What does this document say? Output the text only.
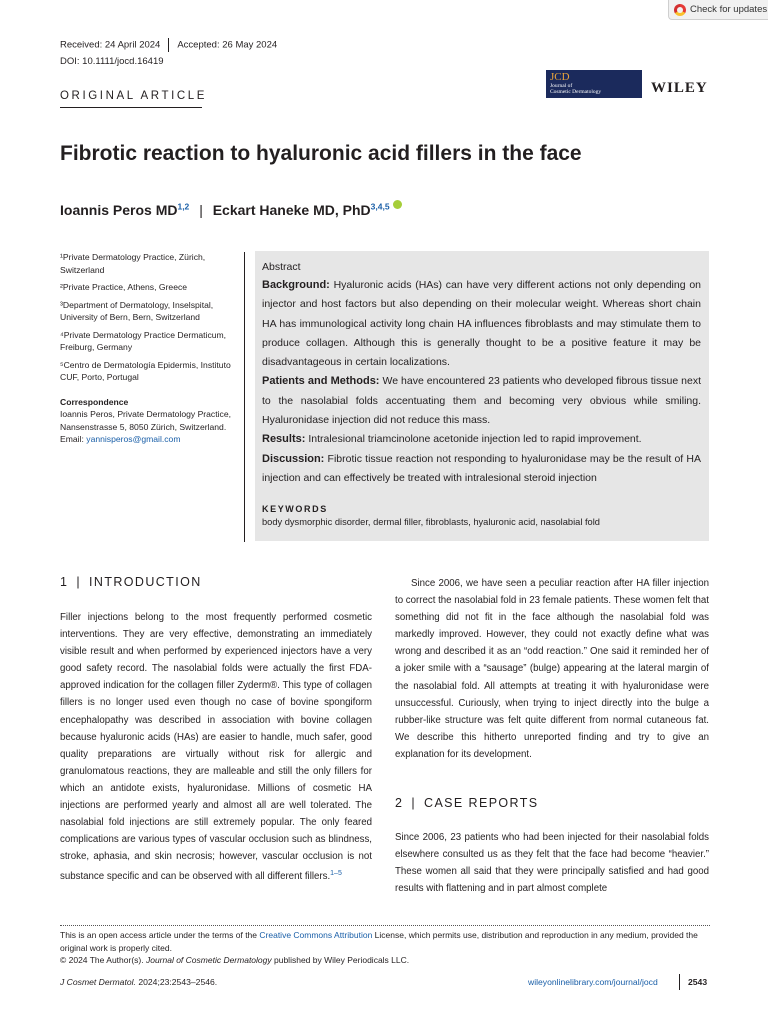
Check for updates
Received: 24 April 2024 Accepted: 26 May 2024
DOI: 10.1111/jocd.16419
ORIGINAL ARTICLE
JCD
Journal of
Cosmetic Dermatology	WILEY
Fibrotic reaction to hyaluronic acid fillers in the face
Ioannis Peros MD$^{1,2}$ | Eckart Haneke MD, PhD$^{3,4,5}$

¹Private Dermatology Practice, Zürich, Switzerland

²Private Practice, Athens, Greece

³Department of Dermatology, Inselspital, University of Bern, Bern, Switzerland

⁴Private Dermatology Practice Dermaticum, Freiburg, Germany

⁵Centro de Dermatología Epidermis, Instituto CUF, Porto, Portugal

Correspondence

Ioannis Peros, Private Dermatology Practice, Nansenstrasse 5, 8050 Zürich, Switzerland.

Email: yannisperos@gmail.com

Abstract
Background: Hyaluronic acids (HAs) can have very different actions not only depending on injector and host factors but also depending on their molecular weight. Whereas short chain HA has immunological activity long chain HA influences fibroblasts and may stimulate them to produce collagen. Although this is generally thought to be a positive feature it may be disadvantageous in certain localizations.
Patients and Methods: We have encountered 23 patients who developed fibrous tissue next to the nasolabial folds accentuating them and becoming very obvious while smiling. Hyaluronidase injection did not reduce this mass.
Results: Intralesional triamcinolone acetonide injection led to rapid improvement.
Discussion: Fibrotic tissue reaction not responding to hyaluronidase may be the result of HA injection and can effectively be treated with intralesional steroid injection
KEYWORDS
body dysmorphic disorder, dermal filler, fibroblasts, hyaluronic acid, nasolabial fold
1 | INTRODUCTION

Filler injections belong to the most frequently performed cosmetic interventions. They are very effective, demonstrating an immediately visible result and when performed by experienced injectors have a very good safety record. The nasolabial folds were actually the first FDA-approved indication for the collagen filler Zyderm®. This type of collagen fillers is no longer used even though no case of bovine spongiform encephalopathy was described in association with bovine collagen because hyaluronic acids (HAs) are easier to handle, much safer, good quality preparations are virtually without risk for allergic and granulomatous reactions, they are malleable and still the only fillers for which an antidote exists, hyaluronidase. Millions of cosmetic HA injections are performed yearly and almost all are well tolerated. The nasolabial fold injections are still extremely popular. The only feared complications are various types of vascular occlusion such as blindness, stroke, aphasia, and skin necrosis; however, vascular occlusion is not substance specific and can be observed with all different fillers.$^{1-5}$

Since 2006, we have seen a peculiar reaction after HA filler injection to correct the nasolabial fold in 23 female patients. These women felt that something did not fit in the face although the nasolabial fold was markedly improved. However, they could not exactly define what was wrong and described it as an “odd reaction.” One said it reminded her of a joker smile with a “sausage” (bulge) appearing at the lateral margin of the nasolabial fold. All attempts at treating it with hyaluronidase were unsuccessful. Curiously, when trying to inject directly into the bulge a rubber-like structure was felt quite different from normal cutaneous fat. We describe this hitherto unreported finding and try to give an explanation for its development.

2 | CASE REPORTS

Since 2006, 23 patients who had been injected for their nasolabial folds elsewhere consulted us as they felt that the face had become “heavier.” These women all said that they were principally satisfied and had good results with flattening and in part almost complete

This is an open access article under the terms of the Creative Commons Attribution License, which permits use, distribution and reproduction in any medium, provided the original work is properly cited.
© 2024 The Author(s). Journal of Cosmetic Dermatology published by Wiley Periodicals LLC.
J Cosmet Dermatol. 2024;23:2543–2546.	wileyonlinelibrary.com/journal/jocd	2543
